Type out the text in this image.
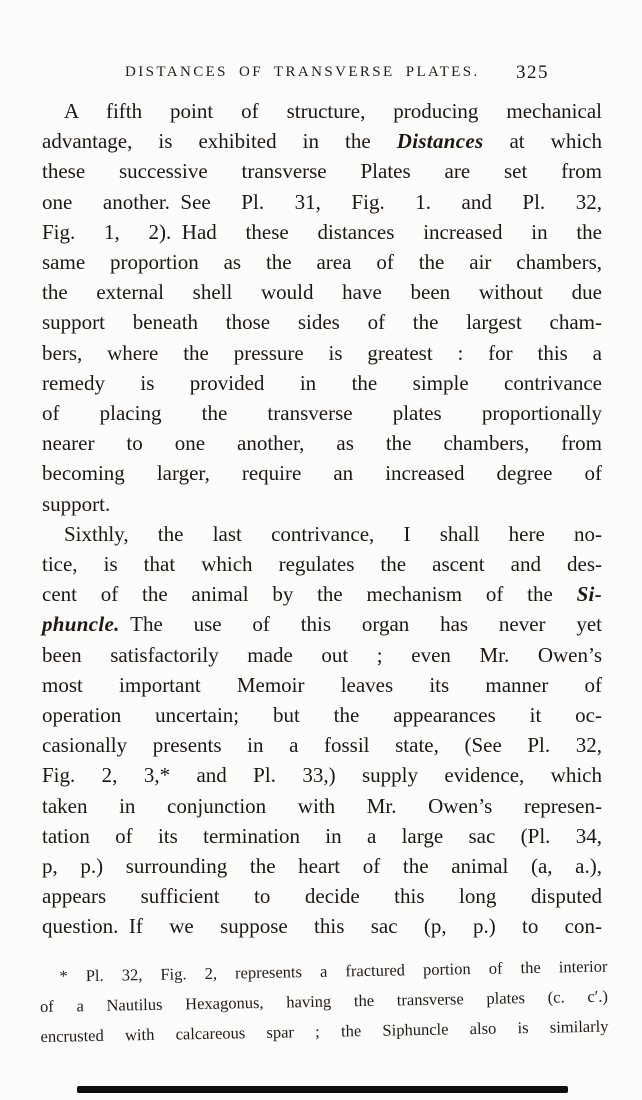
DISTANCES OF TRANSVERSE PLATES. 325
A fifth point of structure, producing mechanical
advantage, is exhibited in the Distances at which
these successive transverse Plates are set from
one another. See Pl. 31, Fig. 1. and Pl. 32,
Fig. 1, 2). Had these distances increased in the
same proportion as the area of the air chambers,
the external shell would have been without due
support beneath those sides of the largest cham-
bers, where the pressure is greatest : for this a
remedy is provided in the simple contrivance
of placing the transverse plates proportionally
nearer to one another, as the chambers, from
becoming larger, require an increased degree of
support.
Sixthly, the last contrivance, I shall here no-
tice, is that which regulates the ascent and des-
cent of the animal by the mechanism of the Si-
phuncle. The use of this organ has never yet
been satisfactorily made out ; even Mr. Owen’s
most important Memoir leaves its manner of
operation uncertain; but the appearances it oc-
casionally presents in a fossil state, (See Pl. 32,
Fig. 2, 3,* and Pl. 33,) supply evidence, which
taken in conjunction with Mr. Owen’s represen-
tation of its termination in a large sac (Pl. 34,
p, p.) surrounding the heart of the animal (a, a.),
appears sufficient to decide this long disputed
question. If we suppose this sac (p, p.) to con-
* Pl. 32, Fig. 2, represents a fractured portion of the interior
of a Nautilus Hexagonus, having the transverse plates (c. c′.)
encrusted with calcareous spar ; the Siphuncle also is similarly
